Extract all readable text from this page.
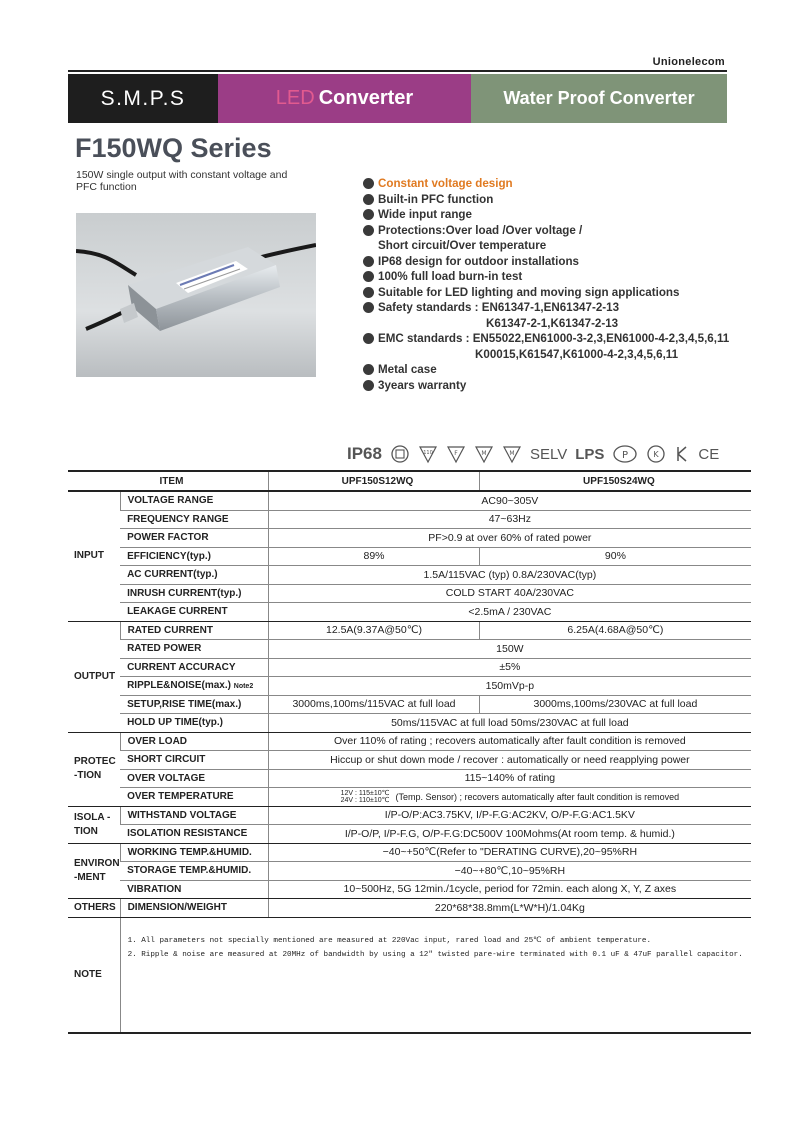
Unionelecom
S.M.P.S	LED Converter	Water Proof Converter
F150WQ Series
150W single output with constant voltage and PFC function	Constant voltage design
Built-in PFC function
Wide input range
Protections:Over load /Over voltage /
Short circuit/Over temperature
IP68 design for outdoor installations
100% full load burn-in test
Suitable for LED lighting and moving sign applications
Safety standards : EN61347-1,EN61347-2-13
K61347-2-1,K61347-2-13
EMC standards : EN55022,EN61000-3-2,3,EN61000-4-2,3,4,5,6,11
K00015,K61547,K61000-4-2,3,4,5,6,11
Metal case
3years warranty
IP68	110	F	M	M SELV LPS P	K	CE
ITEM		UPF150S12WQ	UPF150S24WQ
INPUT	VOLTAGE RANGE	AC90~305V	
	FREQUENCY RANGE	47~63Hz	
	POWER FACTOR	PF>0.9 at over 60% of rated power	
	EFFICIENCY(typ.)	89%	90%
	AC CURRENT(typ.)	1.5A/115VAC (typ) 0.8A/230VAC(typ)	
	INRUSH CURRENT(typ.)	COLD START 40A/230VAC	
	LEAKAGE CURRENT	<2.5mA / 230VAC	
OUTPUT	RATED CURRENT	12.5A(9.37A@50℃)	6.25A(4.68A@50℃)
	RATED POWER	150W	
	CURRENT ACCURACY	±5%	
	RIPPLE&NOISE(max.) Note2	150mVp-p	
	SETUP,RISE TIME(max.)	3000ms,100ms/115VAC at full load	3000ms,100ms/230VAC at full load
	HOLD UP TIME(typ.)	50ms/115VAC at full load 50ms/230VAC at full load	
PROTEC -TION	OVER LOAD	Over 110% of rating ; recovers automatically after fault condition is removed	
	SHORT CIRCUIT	Hiccup or shut down mode / recover : automatically or need reapplying power	
	OVER VOLTAGE	115~140% of rating	
	OVER TEMPERATURE	12V : 115±10℃
24V : 110±10℃ (Temp. Sensor) ; recovers automatically after fault condition is removed	
ISOLA -TION	WITHSTAND VOLTAGE	I/P-O/P:AC3.75KV, I/P-F.G:AC2KV, O/P-F.G:AC1.5KV	
	ISOLATION RESISTANCE	I/P-O/P, I/P-F.G, O/P-F.G:DC500V 100Mohms(At room temp. & humid.)	
ENVIRON -MENT	WORKING TEMP.&HUMID.	−40~+50℃(Refer to "DERATING CURVE),20~95%RH	
	STORAGE TEMP.&HUMID.	−40~+80℃,10~95%RH	
	VIBRATION	10~500Hz, 5G 12min./1cycle, period for 72min. each along X, Y, Z axes	
OTHERS	DIMENSION/WEIGHT	220*68*38.8mm(L*W*H)/1.04Kg	
NOTE	1. All parameters not specially mentioned are measured at 220Vac input, rared load and 25℃ of ambient temperature.
2. Ripple & noise are measured at 20MHz of bandwidth by using a 12" twisted pare-wire terminated with 0.1 uF & 47uF parallel capacitor.		
